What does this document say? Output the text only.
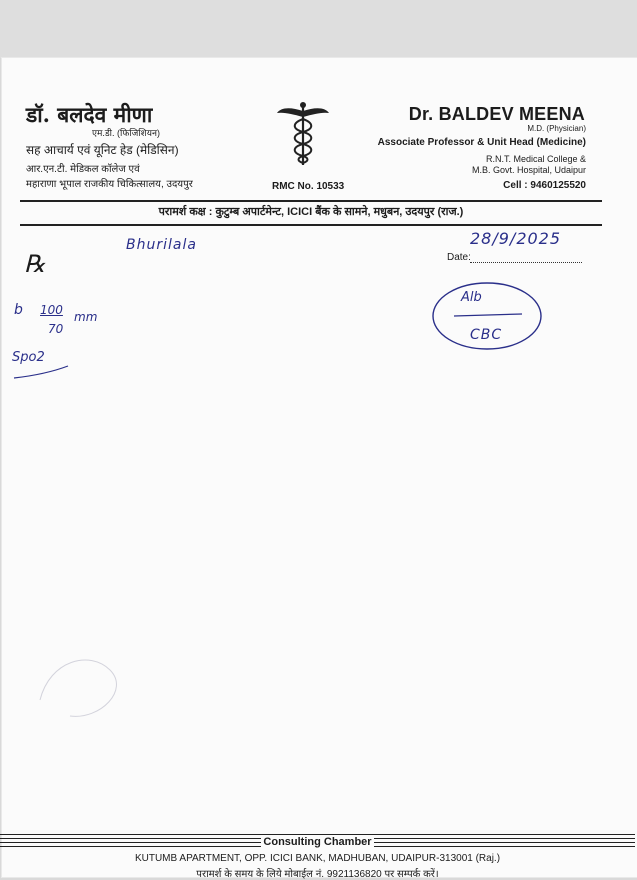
डॉ. बलदेव मीणा
एम.डी. (फिजिशियन)
सह आचार्य एवं यूनिट हेड (मेडिसिन)
आर.एन.टी. मेडिकल कॉलेज एवं
महाराणा भूपाल राजकीय चिकित्सालय, उदयपुर	RMC No. 10533
Dr. BALDEV MEENA
M.D. (Physician)
Associate Professor & Unit Head (Medicine)
R.N.T. Medical College &
M.B. Govt. Hospital, Udaipur
Cell : 9460125520
परामर्श कक्ष : कुटुम्ब अपार्टमेन्ट, ICICI बैंक के सामने, मधुबन, उदयपुर (राज.)
℞	Date:
Bhurilala	28/9/2025
b 100
70
mm
Spo2
Alb
CBC
Consulting Chamber
KUTUMB APARTMENT, OPP. ICICI BANK, MADHUBAN, UDAIPUR-313001 (Raj.)
परामर्श के समय के लिये मोबाईल नं. 9921136820 पर सम्पर्क करें।
